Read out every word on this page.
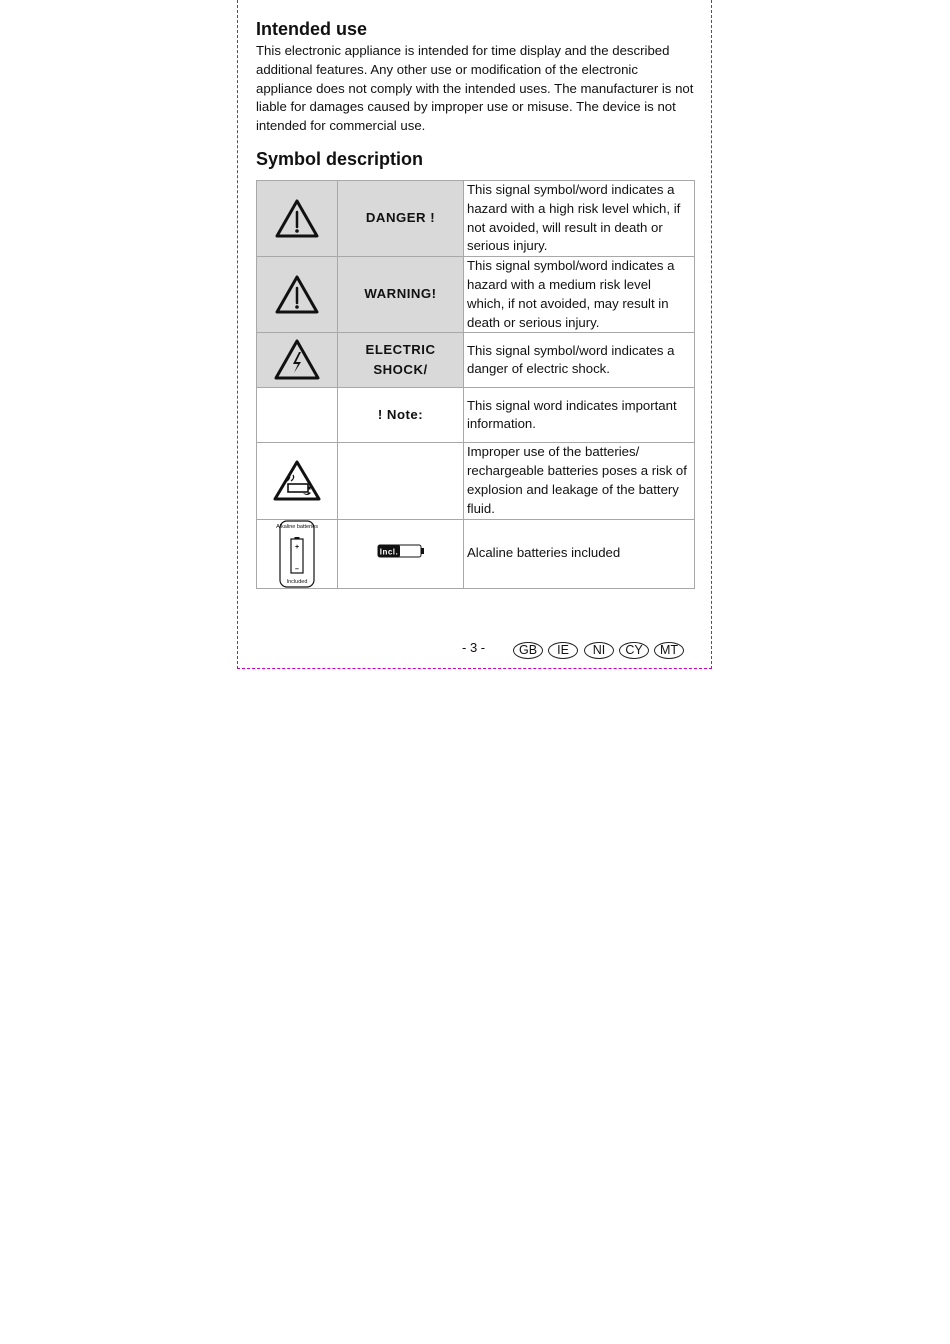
Intended use

This electronic appliance is intended for time display and the described additional features. Any other use or modification of the electronic appliance does not comply with the intended uses. The manufacturer is not liable for damages caused by improper use or misuse. The device is not intended for commercial use.

Symbol description
	DANGER !	This signal symbol/word indicates a hazard with a high risk level which, if not avoided, will result in death or serious injury.

	WARNING!	This signal symbol/word indicates a hazard with a medium risk level which, if not avoided, may result in death or serious injury.

	ELECTRIC SHOCK/	This signal symbol/word indicates a danger of electric shock.
	! Note:	This signal word indicates important information.

		Improper use of the batteries/ rechargeable batteries poses a risk of explosion and leakage of the battery fluid.

Alkaline batteries
+
–
Included	Incl.	Alcaline batteries included
- 3 -	GB	IE	NI	CY	MT
